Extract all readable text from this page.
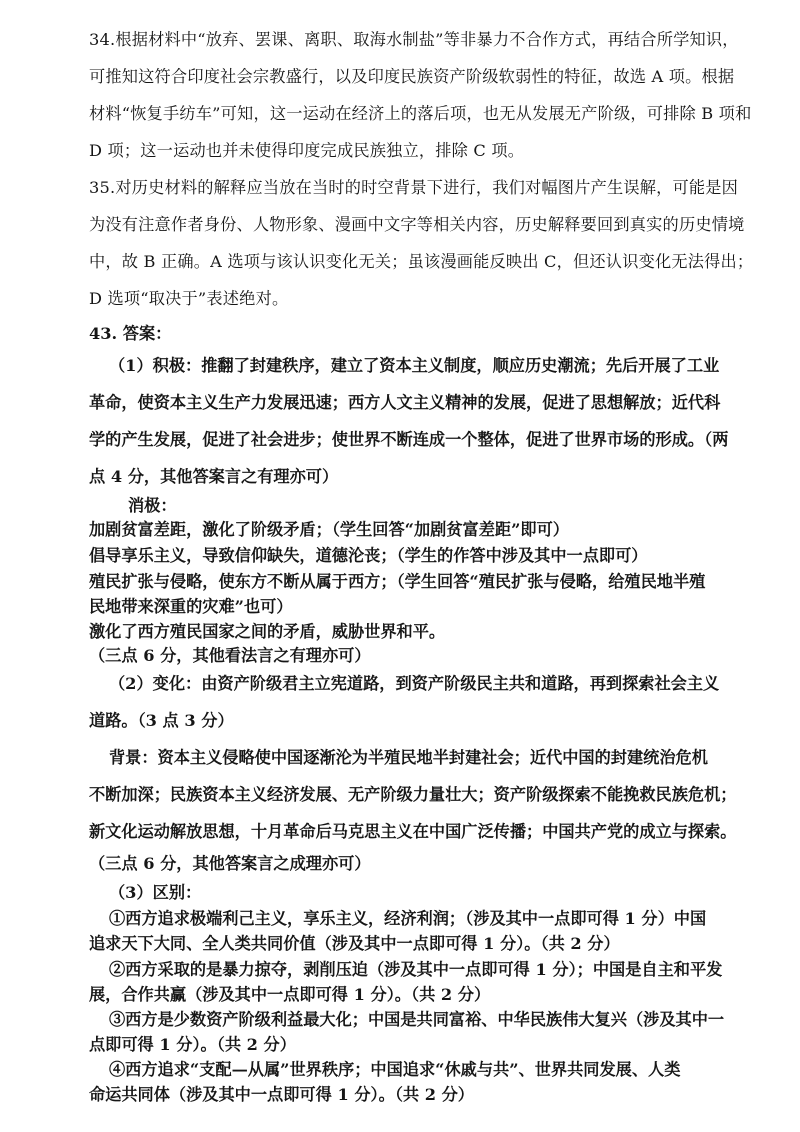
34.根据材料中“放弃、罢课、离职、取海水制盐”等非暴力不合作方式，再结合所学知识，
可推知这符合印度社会宗教盛行，以及印度民族资产阶级软弱性的特征，故选 A 项。根据
材料“恢复手纺车”可知，这一运动在经济上的落后项，也无从发展无产阶级，可排除 B 项和
D 项；这一运动也并未使得印度完成民族独立，排除 C 项。
35.对历史材料的解释应当放在当时的时空背景下进行，我们对幅图片产生误解，可能是因
为没有注意作者身份、人物形象、漫画中文字等相关内容，历史解释要回到真实的历史情境
中，故 B 正确。A 选项与该认识变化无关；虽该漫画能反映出 C，但还认识变化无法得出；
D 选项“取决于”表述绝对。
43. 答案：
（1）积极：推翻了封建秩序，建立了资本主义制度，顺应历史潮流；先后开展了工业
革命，使资本主义生产力发展迅速；西方人文主义精神的发展，促进了思想解放；近代科
学的产生发展，促进了社会进步；使世界不断连成一个整体，促进了世界市场的形成。（两
点 4 分，其他答案言之有理亦可）
消极：
加剧贫富差距，激化了阶级矛盾；（学生回答“加剧贫富差距”即可）
倡导享乐主义，导致信仰缺失，道德沦丧；（学生的作答中涉及其中一点即可）
殖民扩张与侵略，使东方不断从属于西方；（学生回答“殖民扩张与侵略，给殖民地半殖
民地带来深重的灾难”也可）
激化了西方殖民国家之间的矛盾，威胁世界和平。
（三点 6 分，其他看法言之有理亦可）
（2）变化：由资产阶级君主立宪道路，到资产阶级民主共和道路，再到探索社会主义
道路。（3 点 3 分）
背景：资本主义侵略使中国逐渐沦为半殖民地半封建社会；近代中国的封建统治危机
不断加深；民族资本主义经济发展、无产阶级力量壮大；资产阶级探索不能挽救民族危机；
新文化运动解放思想，十月革命后马克思主义在中国广泛传播；中国共产党的成立与探索。
（三点 6 分，其他答案言之成理亦可）
（3）区别：
①西方追求极端利己主义，享乐主义，经济利润；（涉及其中一点即可得 1 分）中国
追求天下大同、全人类共同价值（涉及其中一点即可得 1 分）。（共 2 分）
②西方采取的是暴力掠夺，剥削压迫（涉及其中一点即可得 1 分）；中国是自主和平发
展，合作共赢（涉及其中一点即可得 1 分）。（共 2 分）
③西方是少数资产阶级利益最大化；中国是共同富裕、中华民族伟大复兴（涉及其中一
点即可得 1 分）。（共 2 分）
④西方追求“支配—从属”世界秩序；中国追求“休戚与共”、世界共同发展、人类
命运共同体（涉及其中一点即可得 1 分）。（共 2 分）
